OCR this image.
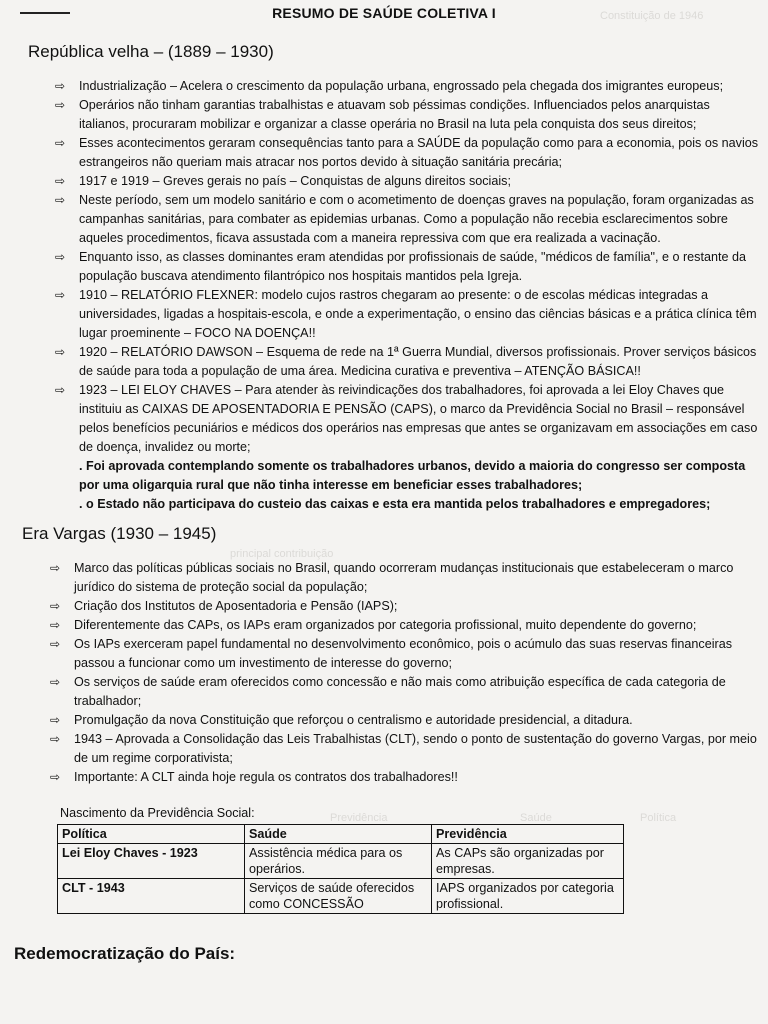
Constituição de 1946
Política
Saúde
Previdência
principal contribuição
RESUMO DE SAÚDE COLETIVA I
República velha – (1889 – 1930)
⇨ Industrialização – Acelera o crescimento da população urbana, engrossado pela chegada dos imigrantes europeus;
⇨ Operários não tinham garantias trabalhistas e atuavam sob péssimas condições. Influenciados pelos anarquistas italianos, procuraram mobilizar e organizar a classe operária no Brasil na luta pela conquista dos seus direitos;
⇨ Esses acontecimentos geraram consequências tanto para a SAÚDE da população como para a economia, pois os navios estrangeiros não queriam mais atracar nos portos devido à situação sanitária precária;
⇨ 1917 e 1919 – Greves gerais no país – Conquistas de alguns direitos sociais;
⇨ Neste período, sem um modelo sanitário e com o acometimento de doenças graves na população, foram organizadas as campanhas sanitárias, para combater as epidemias urbanas. Como a população não recebia esclarecimentos sobre aqueles procedimentos, ficava assustada com a maneira repressiva com que era realizada a vacinação.
⇨ Enquanto isso, as classes dominantes eram atendidas por profissionais de saúde, "médicos de família", e o restante da população buscava atendimento filantrópico nos hospitais mantidos pela Igreja.
⇨ 1910 – RELATÓRIO FLEXNER: modelo cujos rastros chegaram ao presente: o de escolas médicas integradas a universidades, ligadas a hospitais-escola, e onde a experimentação, o ensino das ciências básicas e a prática clínica têm lugar proeminente – FOCO NA DOENÇA!!
⇨ 1920 – RELATÓRIO DAWSON – Esquema de rede na 1ª Guerra Mundial, diversos profissionais. Prover serviços básicos de saúde para toda a população de uma área. Medicina curativa e preventiva – ATENÇÃO BÁSICA!!
⇨ 1923 – LEI ELOY CHAVES – Para atender às reivindicações dos trabalhadores, foi aprovada a lei Eloy Chaves que instituiu as CAIXAS DE APOSENTADORIA E PENSÃO (CAPS), o marco da Previdência Social no Brasil – responsável pelos benefícios pecuniários e médicos dos operários nas empresas que antes se organizavam em associações em caso de doença, invalidez ou morte;
. Foi aprovada contemplando somente os trabalhadores urbanos, devido a maioria do congresso ser composta por uma oligarquia rural que não tinha interesse em beneficiar esses trabalhadores;
. o Estado não participava do custeio das caixas e esta era mantida pelos trabalhadores e empregadores;
Era Vargas (1930 – 1945)
⇨ Marco das políticas públicas sociais no Brasil, quando ocorreram mudanças institucionais que estabeleceram o marco jurídico do sistema de proteção social da população;
⇨ Criação dos Institutos de Aposentadoria e Pensão (IAPS);
⇨ Diferentemente das CAPs, os IAPs eram organizados por categoria profissional, muito dependente do governo;
⇨ Os IAPs exerceram papel fundamental no desenvolvimento econômico, pois o acúmulo das suas reservas financeiras passou a funcionar como um investimento de interesse do governo;
⇨ Os serviços de saúde eram oferecidos como concessão e não mais como atribuição específica de cada categoria de trabalhador;
⇨ Promulgação da nova Constituição que reforçou o centralismo e autoridade presidencial, a ditadura.
⇨ 1943 – Aprovada a Consolidação das Leis Trabalhistas (CLT), sendo o ponto de sustentação do governo Vargas, por meio de um regime corporativista;
⇨ Importante: A CLT ainda hoje regula os contratos dos trabalhadores!!
Nascimento da Previdência Social:
Política	Saúde	Previdência
Lei Eloy Chaves - 1923	Assistência médica para os operários.	As CAPs são organizadas por empresas.
CLT - 1943	Serviços de saúde oferecidos como CONCESSÃO	IAPS organizados por categoria profissional.
Redemocratização do País:
